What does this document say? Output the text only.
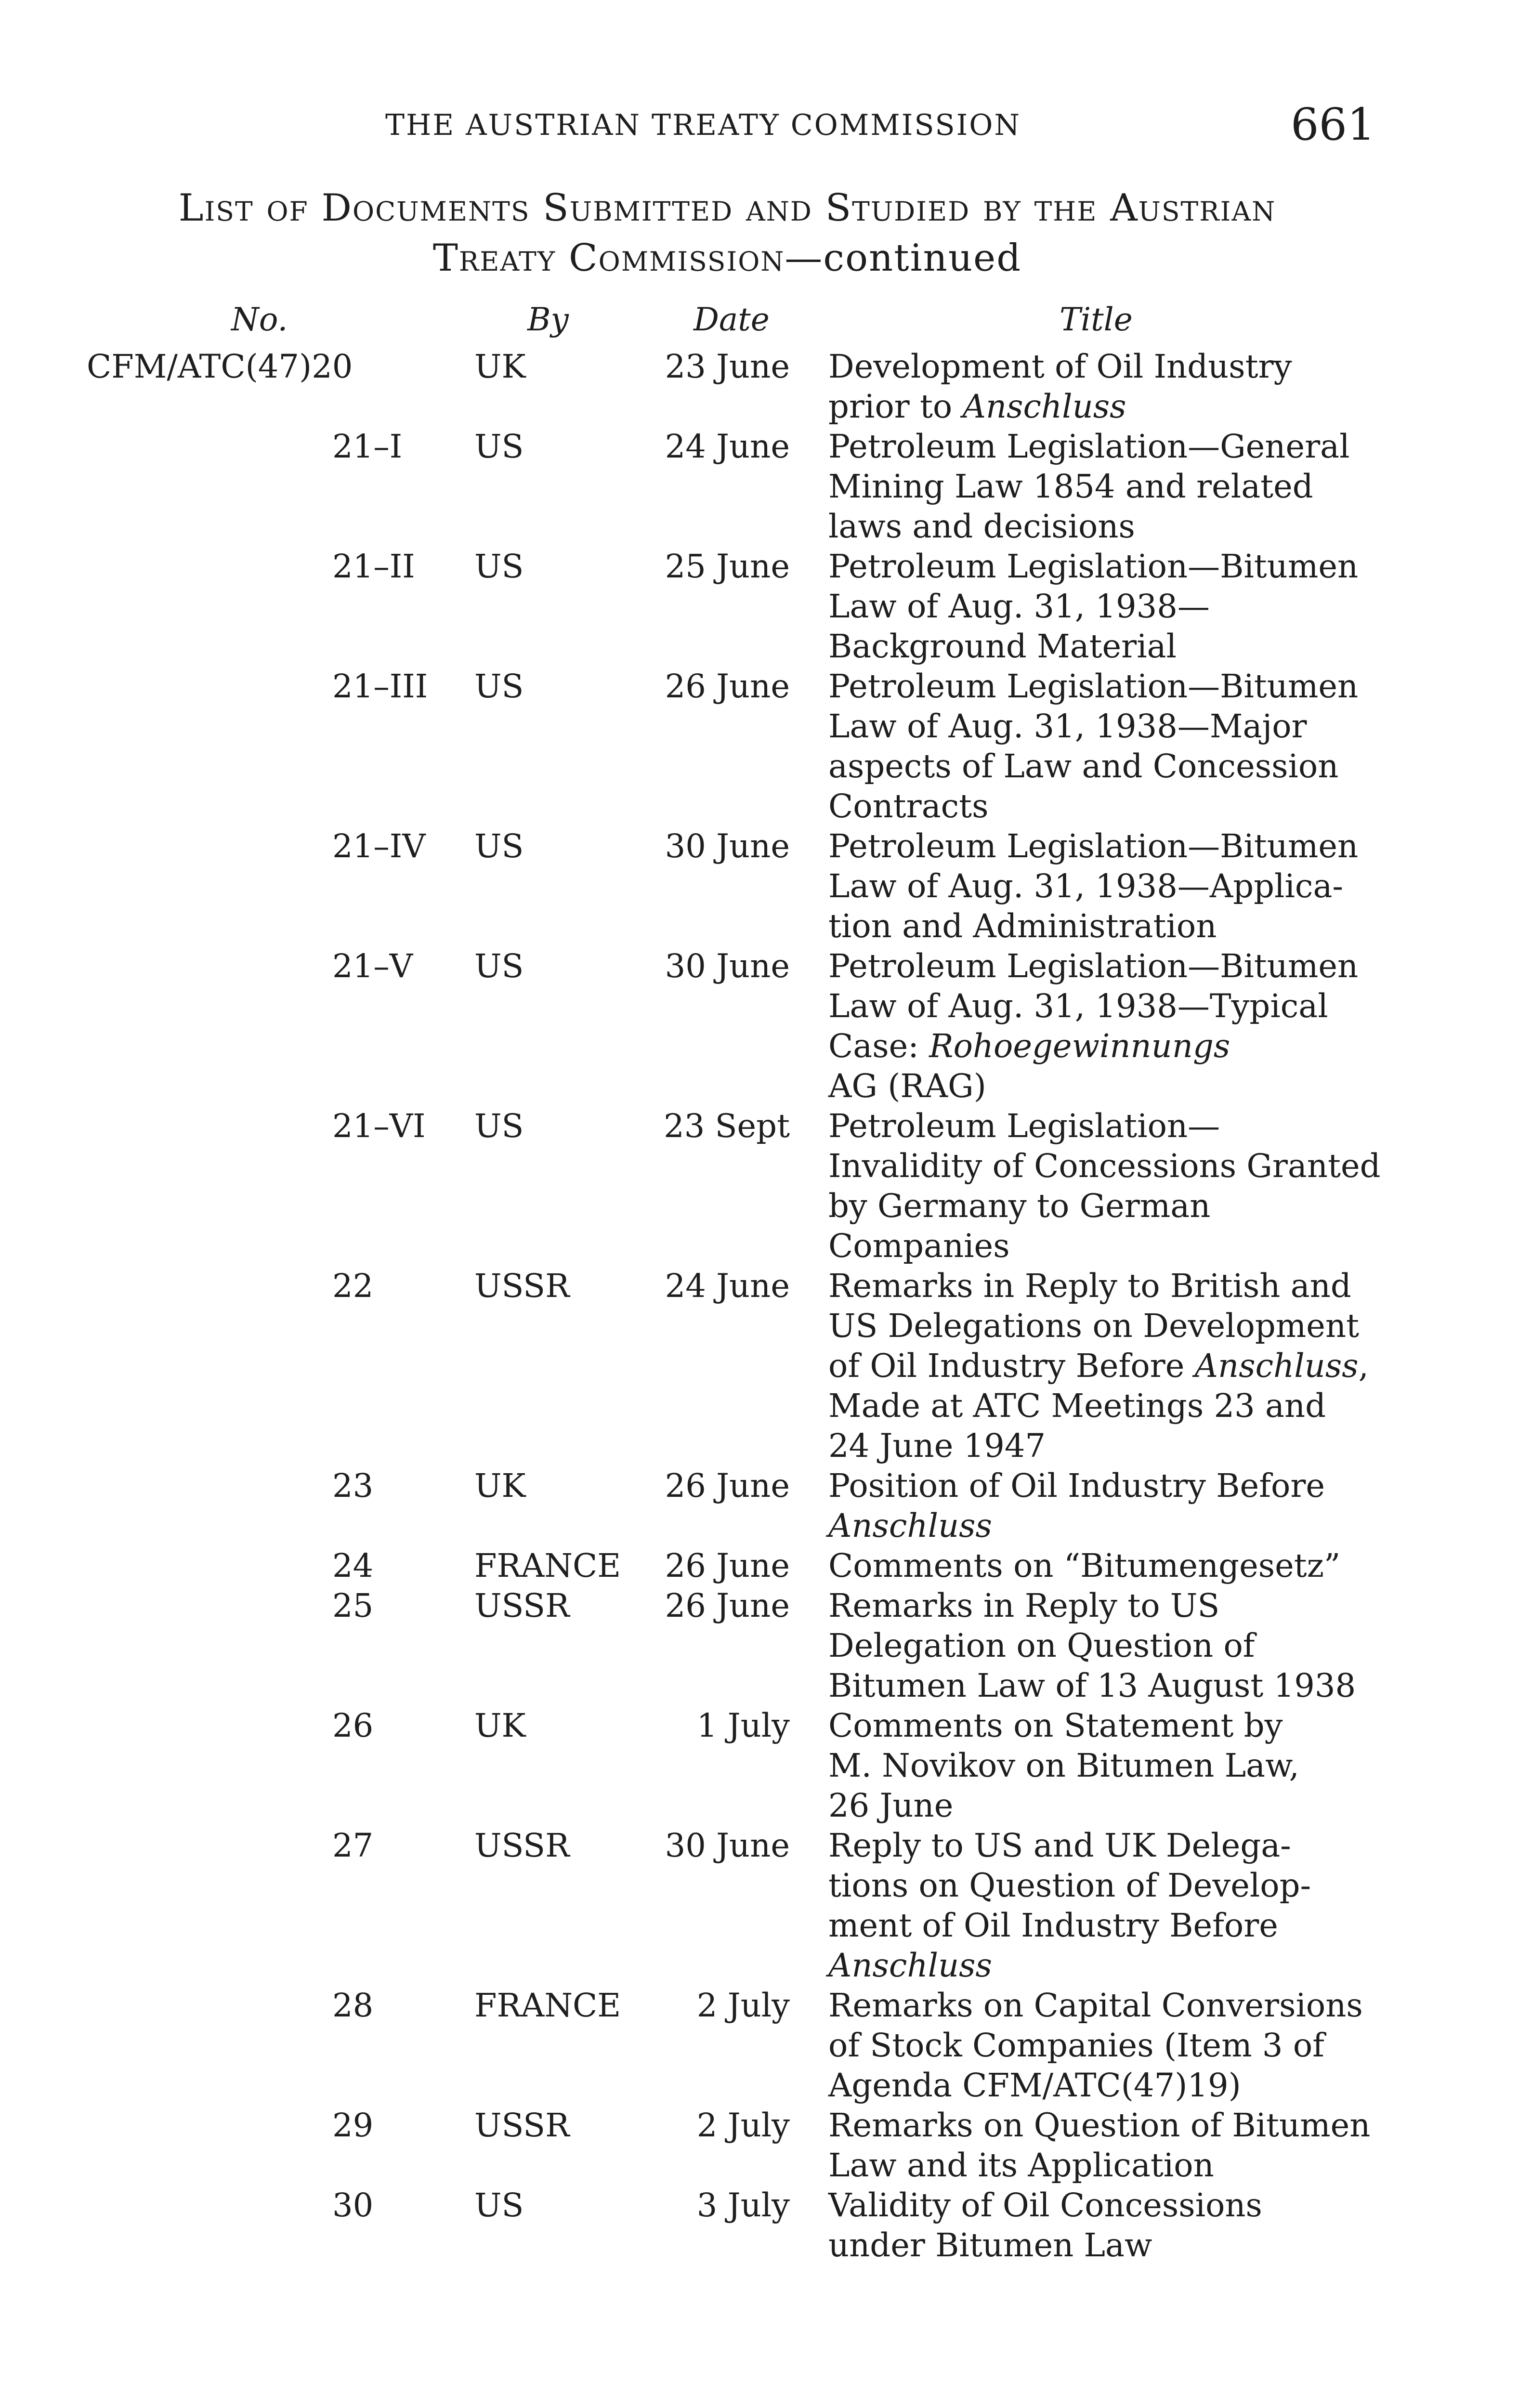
THE AUSTRIAN TREATY COMMISSION	661
List of Documents Submitted and Studied by the Austrian
Treaty Commission—continued
No.	By	Date	Title
CFM/ATC(47)20	UK	23 June Development of Oil Industry
prior to Anschluss
21–I US	24 June Petroleum Legislation—General
Mining Law 1854 and related
laws and decisions
21–II US	25 June Petroleum Legislation—Bitumen
Law of Aug. 31, 1938—
Background Material
21–III US	26 June Petroleum Legislation—Bitumen
Law of Aug. 31, 1938—Major
aspects of Law and Concession
Contracts
21–IV US	30 June Petroleum Legislation—Bitumen
Law of Aug. 31, 1938—Applica-
tion and Administration
21–V US	30 June Petroleum Legislation—Bitumen
Law of Aug. 31, 1938—Typical
Case: Rohoegewinnungs
AG (RAG)
21–VI US	23 Sept Petroleum Legislation—
Invalidity of Concessions Granted
by Germany to German
Companies
22	USSR	24 June Remarks in Reply to British and
US Delegations on Development
of Oil Industry Before Anschluss,
Made at ATC Meetings 23 and
24 June 1947
23	UK	26 June Position of Oil Industry Before
Anschluss
24	FRANCE	26 June Comments on “Bitumengesetz”
25	USSR	26 June Remarks in Reply to US
Delegation on Question of
Bitumen Law of 13 August 1938
26	UK	1 July Comments on Statement by
M. Novikov on Bitumen Law,
26 June
27	USSR	30 June Reply to US and UK Delega-
tions on Question of Develop-
ment of Oil Industry Before
Anschluss
28	FRANCE	2 July Remarks on Capital Conversions
of Stock Companies (Item 3 of
Agenda CFM/ATC(47)19)
29	USSR	2 July Remarks on Question of Bitumen
Law and its Application
30	US	3 July Validity of Oil Concessions
under Bitumen Law
